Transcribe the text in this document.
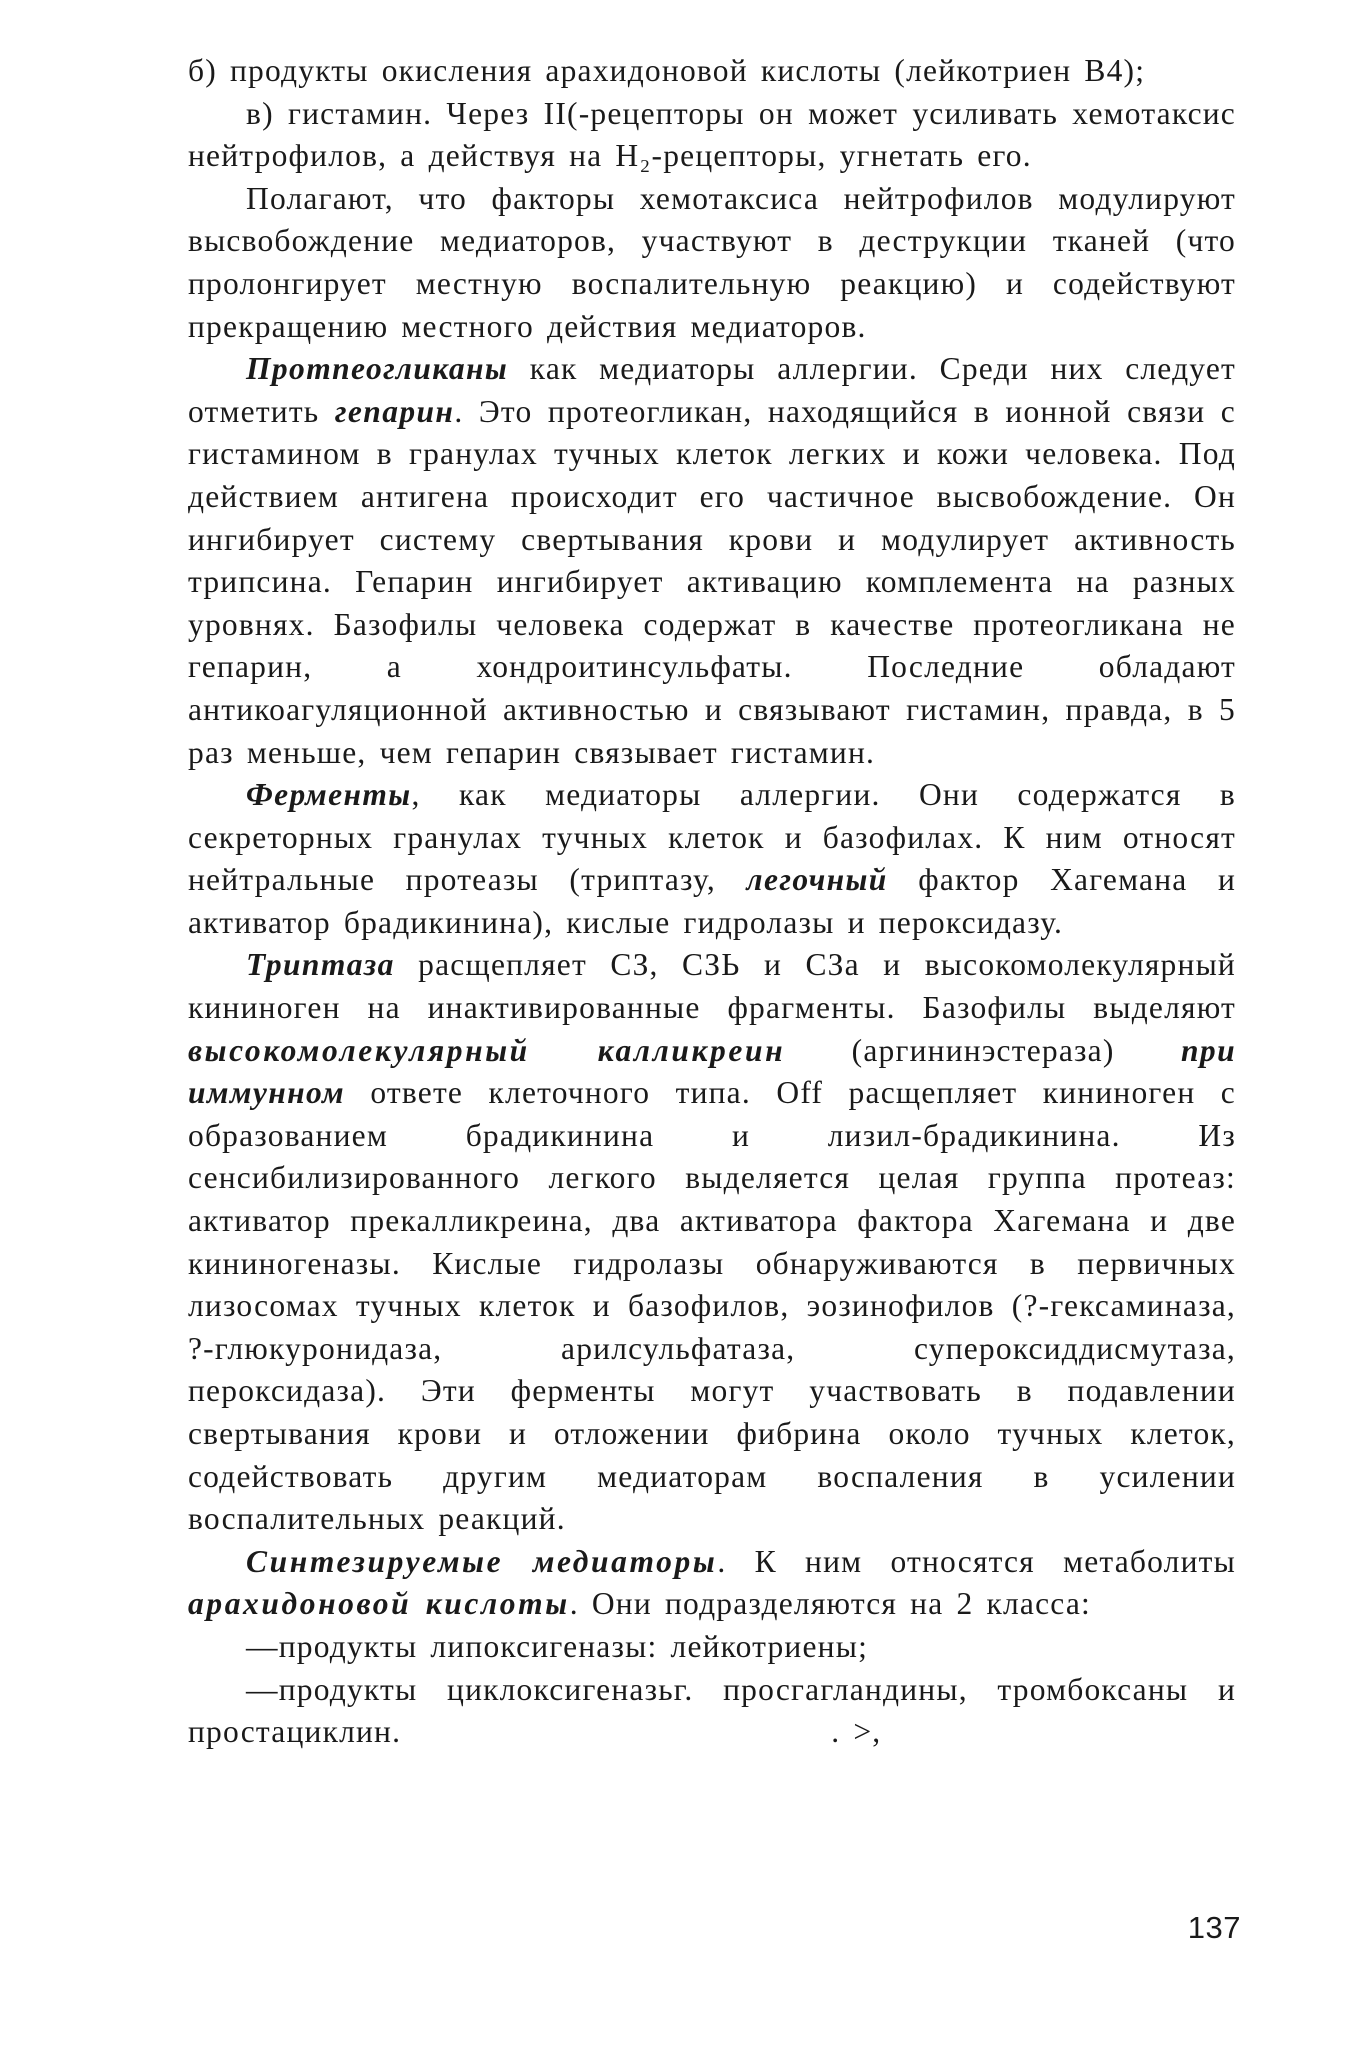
б) продукты окисления арахидоновой кислоты (лейкотриен В4);

в) гистамин. Через II(-рецепторы он может усиливать хемотаксис нейтрофилов, а действуя на Н₂-рецепторы, угнетать его.

Полагают, что факторы хемотаксиса нейтрофилов модулируют высвобождение медиаторов, участвуют в деструкции тканей (что пролонгирует местную воспалительную реакцию) и содействуют прекращению местного действия медиаторов.

Протпеогликаны как медиаторы аллергии. Среди них следует отметить гепарин. Это протеогликан, находящийся в ионной связи с гистамином в гранулах тучных клеток легких и кожи человека. Под действием антигена происходит его частичное высвобождение. Он ингибирует систему свертывания крови и модулирует активность трипсина. Гепарин ингибирует активацию комплемента на разных уровнях. Базофилы человека содержат в качестве протеогликана не гепарин, а хондроитинсульфаты. Последние обладают антикоагуляционной активностью и связывают гистамин, правда, в 5 раз меньше, чем гепарин связывает гистамин.

Ферменты, как медиаторы аллергии. Они содержатся в секреторных гранулах тучных клеток и базофилах. К ним относят нейтральные протеазы (триптазу, легочный фактор Хагемана и активатор брадикинина), кислые гидролазы и пероксидазу.

Триптаза расщепляет СЗ, СЗЬ и СЗа и высокомолекулярный кининоген на инактивированные фрагменты. Базофилы выделяют высокомолекулярный калликреин (аргининэстераза) при иммунном ответе клеточного типа. Off расщепляет кининоген с образованием брадикинина и лизил-брадикинина. Из сенсибилизированного легкого выделяется целая группа протеаз: активатор прекалликреина, два активатора фактора Хагемана и две кининогеназы. Кислые гидролазы обнаруживаются в первичных лизосомах тучных клеток и базофилов, эозинофилов (?-гексаминаза, ?-глюкуронидаза, арилсульфатаза, супероксиддисмутаза, пероксидаза). Эти ферменты могут участвовать в подавлении свертывания крови и отложении фибрина около тучных клеток, содействовать другим медиаторам воспаления в усилении воспалительных реакций.

Синтезируемые медиаторы. К ним относятся метаболиты арахидоновой кислоты. Они подразделяются на 2 класса:

—продукты липоксигеназы: лейкотриены;

—продукты циклоксигеназьг. просгагландины, тромбоксаны и простациклин.	. >,

137
